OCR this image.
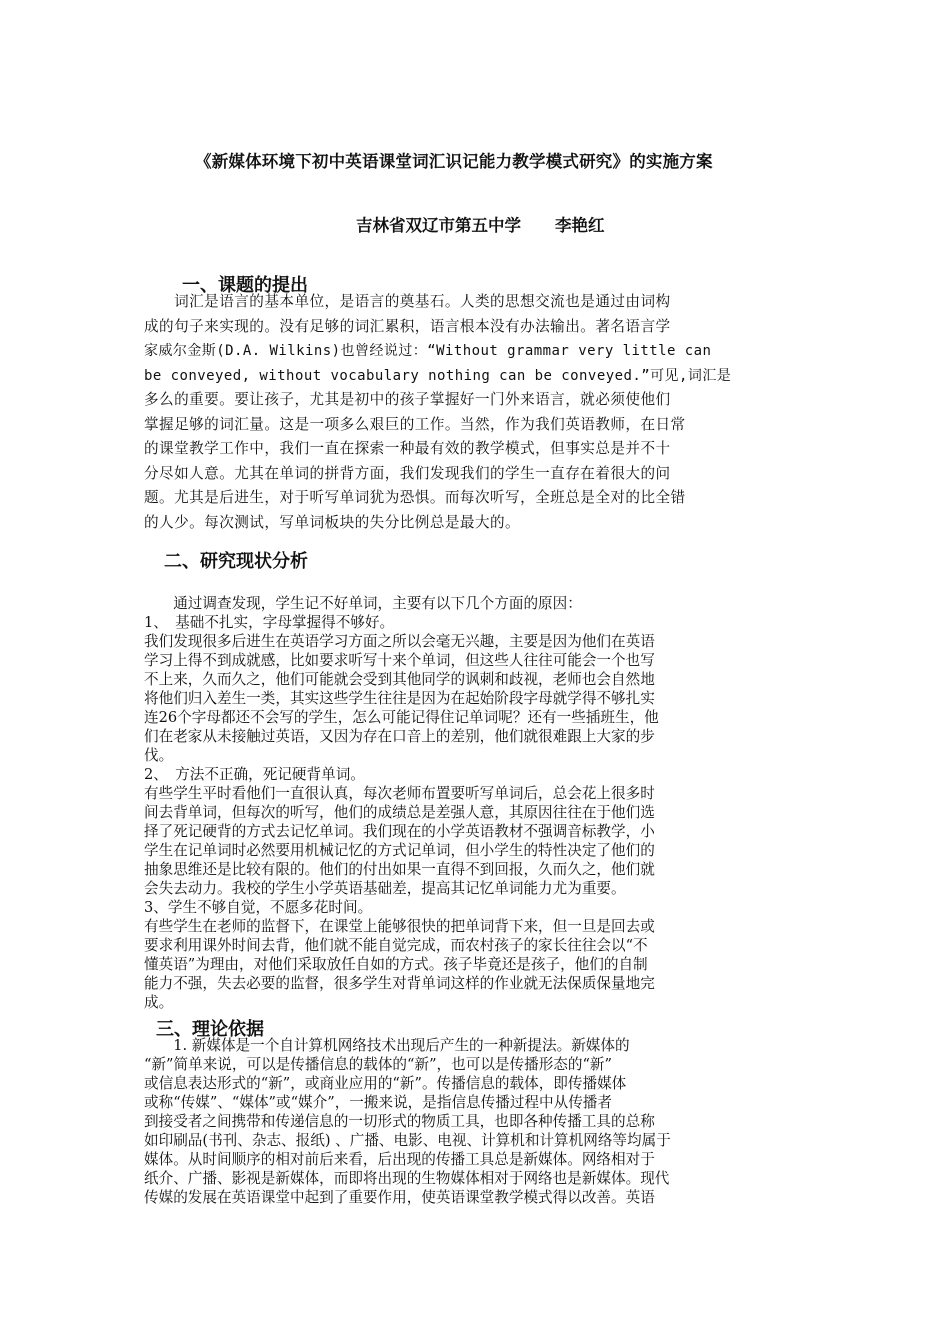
《新媒体环境下初中英语课堂词汇识记能力教学模式研究》的实施方案
吉林省双辽市第五中学 李艳红
一、课题的提出
　　词汇是语言的基本单位，是语言的奠基石。人类的思想交流也是通过由词构
成的句子来实现的。没有足够的词汇累积，语言根本没有办法输出。著名语言学
家威尔金斯(D.A. Wilkins)也曾经说过：“Without grammar very little can
be conveyed, without vocabulary nothing can be conveyed.”可见,词汇是
多么的重要。要让孩子，尤其是初中的孩子掌握好一门外来语言，就必须使他们
掌握足够的词汇量。这是一项多么艰巨的工作。当然，作为我们英语教师，在日常
的课堂教学工作中，我们一直在探索一种最有效的教学模式，但事实总是并不十
分尽如人意。尤其在单词的拼背方面，我们发现我们的学生一直存在着很大的问
题。尤其是后进生，对于听写单词犹为恐惧。而每次听写，全班总是全对的比全错
的人少。每次测试，写单词板块的失分比例总是最大的。
二、研究现状分析
　　通过调查发现，学生记不好单词，主要有以下几个方面的原因：
1、　基础不扎实，字母掌握得不够好。
我们发现很多后进生在英语学习方面之所以会毫无兴趣，主要是因为他们在英语
学习上得不到成就感，比如要求听写十来个单词，但这些人往往可能会一个也写
不上来，久而久之，他们可能就会受到其他同学的讽刺和歧视，老师也会自然地
将他们归入差生一类，其实这些学生往往是因为在起始阶段字母就学得不够扎实
连26个字母都还不会写的学生，怎么可能记得住记单词呢？还有一些插班生，他
们在老家从未接触过英语，又因为存在口音上的差别，他们就很难跟上大家的步
伐。
2、　方法不正确，死记硬背单词。
有些学生平时看他们一直很认真，每次老师布置要听写单词后，总会花上很多时
间去背单词，但每次的听写，他们的成绩总是差强人意，其原因往往在于他们选
择了死记硬背的方式去记忆单词。我们现在的小学英语教材不强调音标教学，小
学生在记单词时必然要用机械记忆的方式记单词，但小学生的特性决定了他们的
抽象思维还是比较有限的。他们的付出如果一直得不到回报，久而久之，他们就
会失去动力。我校的学生小学英语基础差，提高其记忆单词能力尤为重要。
3、学生不够自觉，不愿多花时间。
有些学生在老师的监督下，在课堂上能够很快的把单词背下来，但一旦是回去或
要求利用课外时间去背，他们就不能自觉完成，而农村孩子的家长往往会以“不
懂英语”为理由，对他们采取放任自如的方式。孩子毕竟还是孩子，他们的自制
能力不强，失去必要的监督，很多学生对背单词这样的作业就无法保质保量地完
成。
三、理论依据
　　1. 新媒体是一个自计算机网络技术出现后产生的一种新提法。新媒体的
“新”简单来说，可以是传播信息的载体的“新”，也可以是传播形态的“新”
或信息表达形式的“新”，或商业应用的“新”。传播信息的载体，即传播媒体
或称“传媒”、“媒体”或“媒介”，一搬来说，是指信息传播过程中从传播者
到接受者之间携带和传递信息的一切形式的物质工具，也即各种传播工具的总称
如印刷品(书刊、杂志、报纸) 、广播、电影、电视、计算机和计算机网络等均属于
媒体。从时间顺序的相对前后来看，后出现的传播工具总是新媒体。网络相对于
纸介、广播、影视是新媒体，而即将出现的生物媒体相对于网络也是新媒体。现代
传媒的发展在英语课堂中起到了重要作用，使英语课堂教学模式得以改善。英语
